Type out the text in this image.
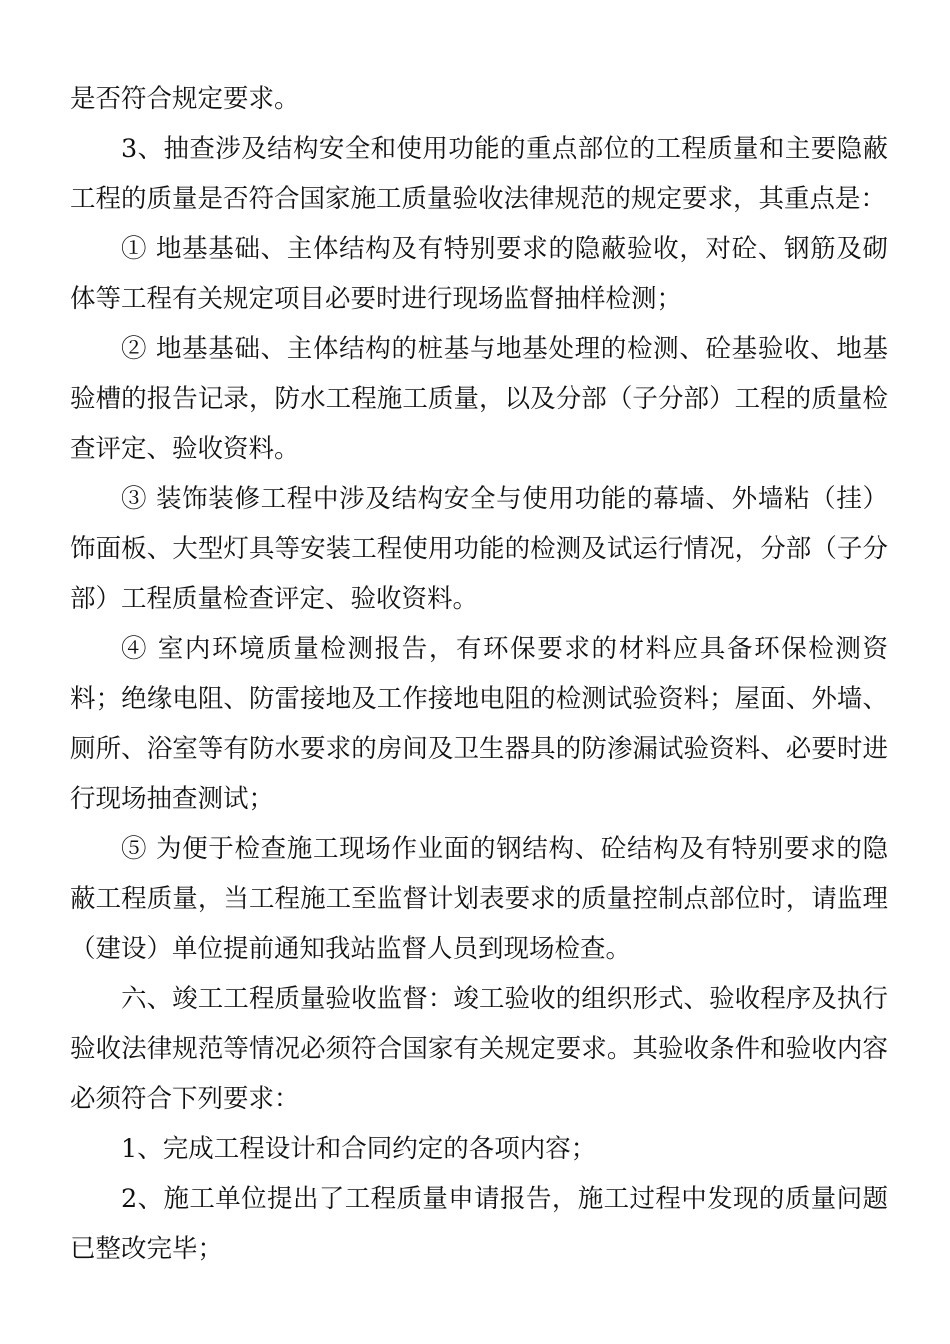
是否符合规定要求。

3、抽查涉及结构安全和使用功能的重点部位的工程质量和主要隐蔽工程的质量是否符合国家施工质量验收法律规范的规定要求，其重点是：

① 地基基础、主体结构及有特别要求的隐蔽验收，对砼、钢筋及砌体等工程有关规定项目必要时进行现场监督抽样检测；

② 地基基础、主体结构的桩基与地基处理的检测、砼基验收、地基验槽的报告记录，防水工程施工质量，以及分部（子分部）工程的质量检查评定、验收资料。

③ 装饰装修工程中涉及结构安全与使用功能的幕墙、外墙粘（挂）饰面板、大型灯具等安装工程使用功能的检测及试运行情况，分部（子分部）工程质量检查评定、验收资料。

④ 室内环境质量检测报告，有环保要求的材料应具备环保检测资料；绝缘电阻、防雷接地及工作接地电阻的检测试验资料；屋面、外墙、厕所、浴室等有防水要求的房间及卫生器具的防渗漏试验资料、必要时进行现场抽查测试；

⑤ 为便于检查施工现场作业面的钢结构、砼结构及有特别要求的隐蔽工程质量，当工程施工至监督计划表要求的质量控制点部位时，请监理（建设）单位提前通知我站监督人员到现场检查。

六、竣工工程质量验收监督：竣工验收的组织形式、验收程序及执行验收法律规范等情况必须符合国家有关规定要求。其验收条件和验收内容必须符合下列要求：

1、完成工程设计和合同约定的各项内容；

2、施工单位提出了工程质量申请报告，施工过程中发现的质量问题已整改完毕；
